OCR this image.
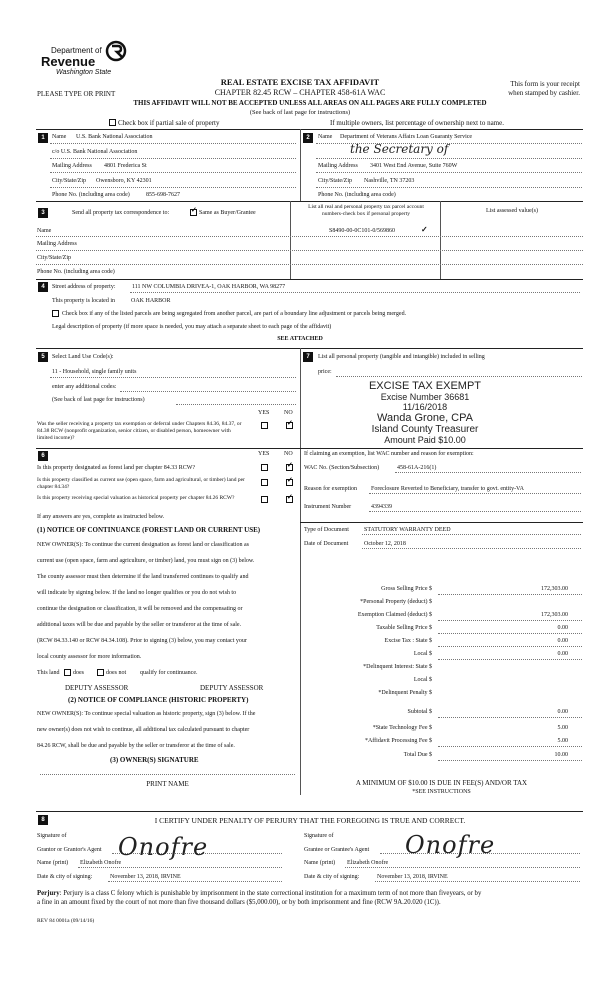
Department of
Revenue
Washington State
REAL ESTATE EXCISE TAX AFFIDAVIT
CHAPTER 82.45 RCW – CHAPTER 458-61A WAC
PLEASE TYPE OR PRINT
This form is your receipt
when stamped by cashier.
THIS AFFIDAVIT WILL NOT BE ACCEPTED UNLESS ALL AREAS ON ALL PAGES ARE FULLY COMPLETED
(See back of last page for instructions)
Check box if partial sale of property	If multiple owners, list percentage of ownership next to name.
1	Name U.S. Bank National Association
c/o U.S. Bank National Association
Mailing Address 4801 Frederica St
City/State/Zip Owensboro, KY 42301
Phone No. (including area code)	855-698-7627
2	Name Department of Veterans Affairs Loan Guaranty Service
the Secretary of
Mailing Address 3401 West End Avenue, Suite 760W
City/State/Zip Nashville, TN 37203
Phone No. (including area code)
3	Send all property tax correspondence to: ✓	Same as Buyer/Grantee
List all real and personal property tax parcel account
numbers-check box if personal property	List assessed value(s)
Name	S8490-00-0C101-0/569860	✓
Mailing Address
City/State/Zip
Phone No. (including area code)
4	Street address of property:	111 NW COLUMBIA DRIVEA-1, OAK HARBOR, WA 98277
This property is located in	OAK HARBOR
Check box if any of the listed parcels are being segregated from another parcel, are part of a boundary line adjustment or parcels being merged.
Legal description of property (if more space is needed, you may attach a separate sheet to each page of the affidavit)
SEE ATTACHED
5	Select Land Use Code(s):
11 - Household, single family units
enter any additional codes:
(See back of last page for instructions)
YES NO
Was the seller receiving a property tax exemption or deferral under Chapters 84.36, 84.37, or 84.38 RCW (nonprofit organization, senior citizen, or disabled person, homeowner with limited income)?
✓
7	List all personal property (tangible and intangible) included in selling
price:
EXCISE TAX EXEMPT
Excise Number 36681
11/16/2018
Wanda Grone, CPA
Island County Treasurer
Amount Paid $10.00
6	YES NO
Is this property designated as forest land per chapter 84.33 RCW?
✓
Is this property classified as current use (open space, farm and agricultural, or timber) land per chapter 84.34?
✓
Is this property receiving special valuation as historical property per chapter 84.26 RCW?
✓
If any answers are yes, complete as instructed below.
(1) NOTICE OF CONTINUANCE (FOREST LAND OR CURRENT USE)
NEW OWNER(S): To continue the current designation as forest land or classification as
current use (open space, farm and agriculture, or timber) land, you must sign on (3) below.
The county assessor must then determine if the land transferred continues to qualify and
will indicate by signing below. If the land no longer qualifies or you do not wish to
continue the designation or classification, it will be removed and the compensating or
additional taxes will be due and payable by the seller or transferor at the time of sale.
(RCW 84.33.140 or RCW 84.34.108). Prior to signing (3) below, you may contact your
local county assessor for more information.
This land does	does not qualify for continuance.
DEPUTY ASSESSOR	DEPUTY ASSESSOR
(2) NOTICE OF COMPLIANCE (HISTORIC PROPERTY)
NEW OWNER(S): To continue special valuation as historic property, sign (3) below. If the
new owner(s) does not wish to continue, all additional tax calculated pursuant to chapter
84.26 RCW, shall be due and payable by the seller or transferor at the time of sale.
(3) OWNER(S) SIGNATURE
PRINT NAME
If claiming an exemption, list WAC number and reason for exemption:
WAC No. (Section/Subsection)	458-61A-216(1)
Reason for exemption Foreclosure Reverted to Beneficiary, transfer to govt. entity-VA
Instrument Number	4394339
Type of Document	STATUTORY WARRANTY DEED
Date of Document	October 12, 2018
Gross Selling Price $	172,303.00
*Personal Property (deduct) $
Exemption Claimed (deduct) $	172,303.00
Taxable Selling Price $	0.00
Excise Tax : State $	0.00
Local $	0.00
*Delinquent Interest: State $
Local $
*Delinquent Penalty $
Subtotal $	0.00
*State Technology Fee $	5.00
*Affidavit Processing Fee $	5.00
Total Due $	10.00
A MINIMUM OF $10.00 IS DUE IN FEE(S) AND/OR TAX
*SEE INSTRUCTIONS
8	I CERTIFY UNDER PENALTY OF PERJURY THAT THE FOREGOING IS TRUE AND CORRECT.
Signature of
Grantor or Grantor's Agent Onofre
Name (print) Elizabeth Onofre
Date & city of signing:	November 13, 2018, IRVINE
Signature of
Grantee or Grantee's Agent Onofre
Name (print) Elizabeth Onofre
Date & city of signing:	November 13, 2018, IRVINE
Perjury: Perjury is a class C felony which is punishable by imprisonment in the state correctional institution for a maximum term of not more than fiveyears, or by
a fine in an amount fixed by the court of not more than five thousand dollars ($5,000.00), or by both imprisonment and fine (RCW 9A.20.020 (1C)).
REV 84 0001a (09/14/16)
